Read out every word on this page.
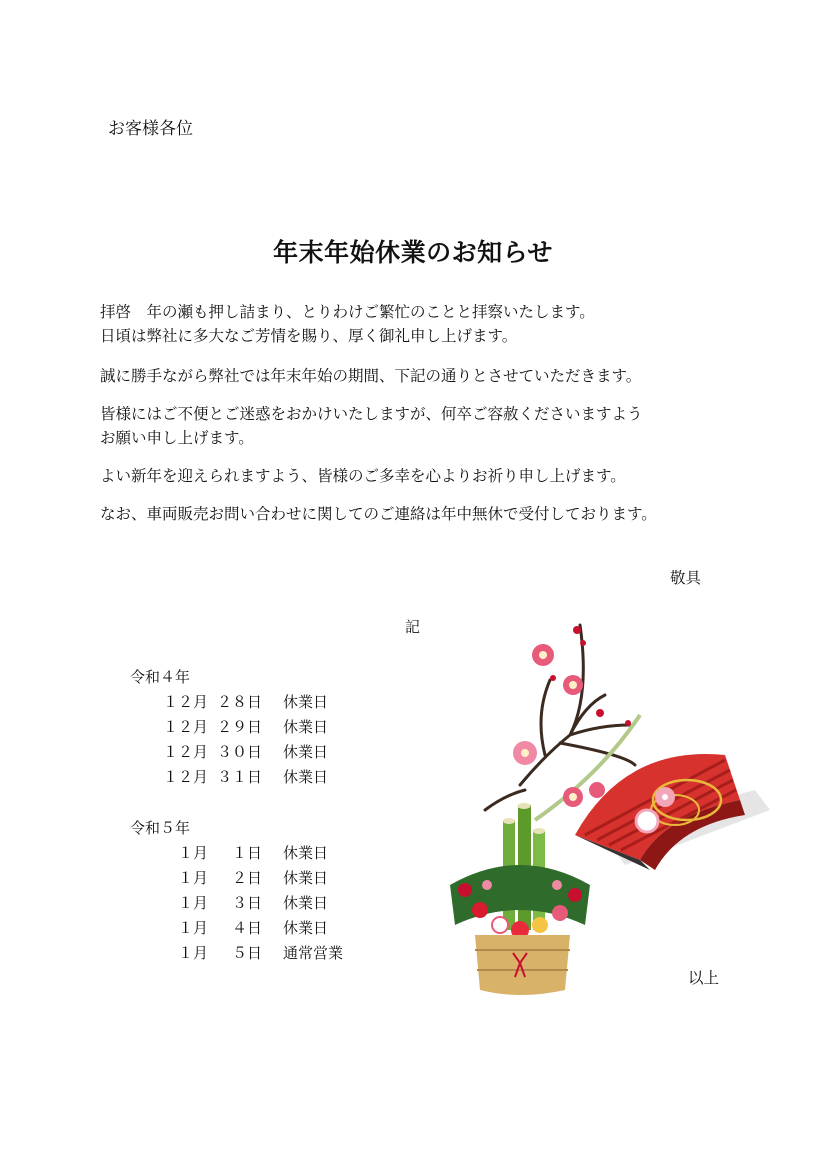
お客様各位
年末年始休業のお知らせ
拝啓　年の瀬も押し詰まり、とりわけご繁忙のことと拝察いたします。
日頃は弊社に多大なご芳情を賜り、厚く御礼申し上げます。
誠に勝手ながら弊社では年末年始の期間、下記の通りとさせていただきます。
皆様にはご不便とご迷惑をおかけいたしますが、何卒ご容赦くださいますよう
お願い申し上げます。
よい新年を迎えられますよう、皆様のご多幸を心よりお祈り申し上げます。
なお、車両販売お問い合わせに関してのご連絡は年中無休で受付しております。
敬具
記
令和４年
１２月 ２８日 休業日
１２月 ２９日 休業日
１２月 ３０日 休業日
１２月 ３１日 休業日
令和５年
１月	１日 休業日
１月	２日 休業日
１月	３日 休業日
１月	４日 休業日
１月	５日 通常営業
以上
